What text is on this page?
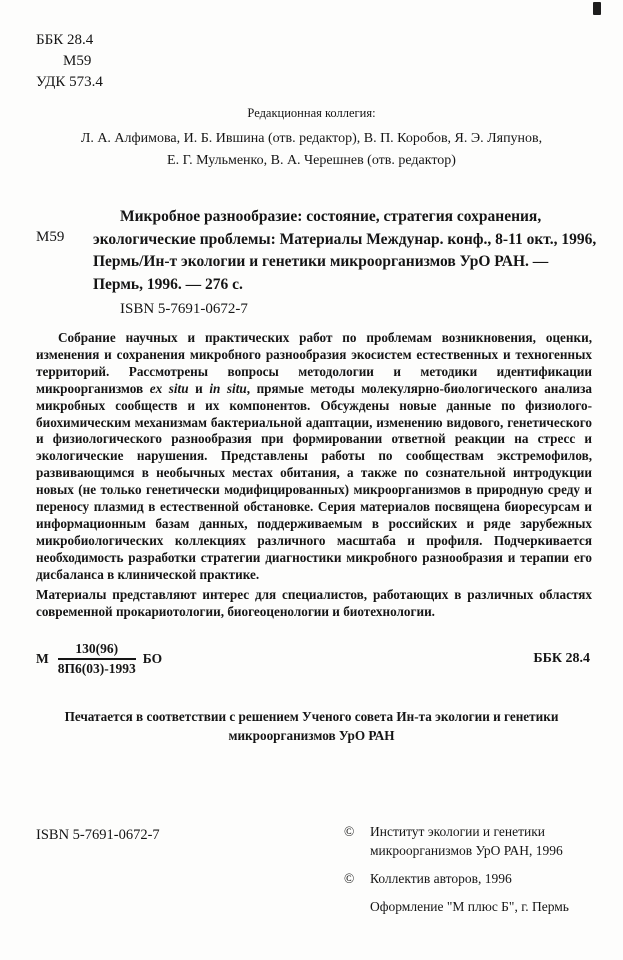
ББК 28.4
М59
УДК 573.4
Редакционная коллегия:
Л. А. Алфимова, И. Б. Ившина (отв. редактор), В. П. Коробов, Я. Э. Ляпунов,
Е. Г. Мульменко, В. А. Черешнев (отв. редактор)
М59
Микробное разнообразие: состояние, стратегия сохранения,
экологические проблемы: Материалы Междунар. конф., 8-11 окт., 1996,
Пермь/Ин-т экологии и генетики микроорганизмов УрО РАН. —
Пермь, 1996. — 276 с.
ISBN 5-7691-0672-7

Собрание научных и практических работ по проблемам возникновения, оценки, изменения и сохранения микробного разнообразия экосистем естественных и техногенных территорий. Рассмотрены вопросы методологии и методики идентификации микроорганизмов ex situ и in situ, прямые методы молекулярно-биологического анализа микробных сообществ и их компонентов. Обсуждены новые данные по физиолого-биохимическим механизмам бактериальной адаптации, изменению видового, генетического и физиологического разнообразия при формировании ответной реакции на стресс и экологические нарушения. Представлены работы по сообществам экстремофилов, развивающимся в необычных местах обитания, а также по сознательной интродукции новых (не только генетически модифицированных) микроорганизмов в природную среду и переносу плазмид в естественной обстановке. Серия материалов посвящена биоресурсам и информационным базам данных, поддерживаемым в российских и ряде зарубежных микробиологических коллекциях различного масштаба и профиля. Подчеркивается необходимость разработки стратегии диагностики микробного разнообразия и терапии его дисбаланса в клинической практике.

Материалы представляют интерес для специалистов, работающих в различных областях современной прокариотологии, биогеоценологии и биотехнологии.

М $\frac{130(96)}{8П6(03)-1993}$ БО	ББК 28.4
Печатается в соответствии с решением Ученого совета Ин-та экологии и генетики
микроорганизмов УрО РАН
ISBN 5-7691-0672-7	©	Институт экологии и генетики
микроорганизмов УрО РАН, 1996
©	Коллектив авторов, 1996
Оформление "М плюс Б", г. Пермь
